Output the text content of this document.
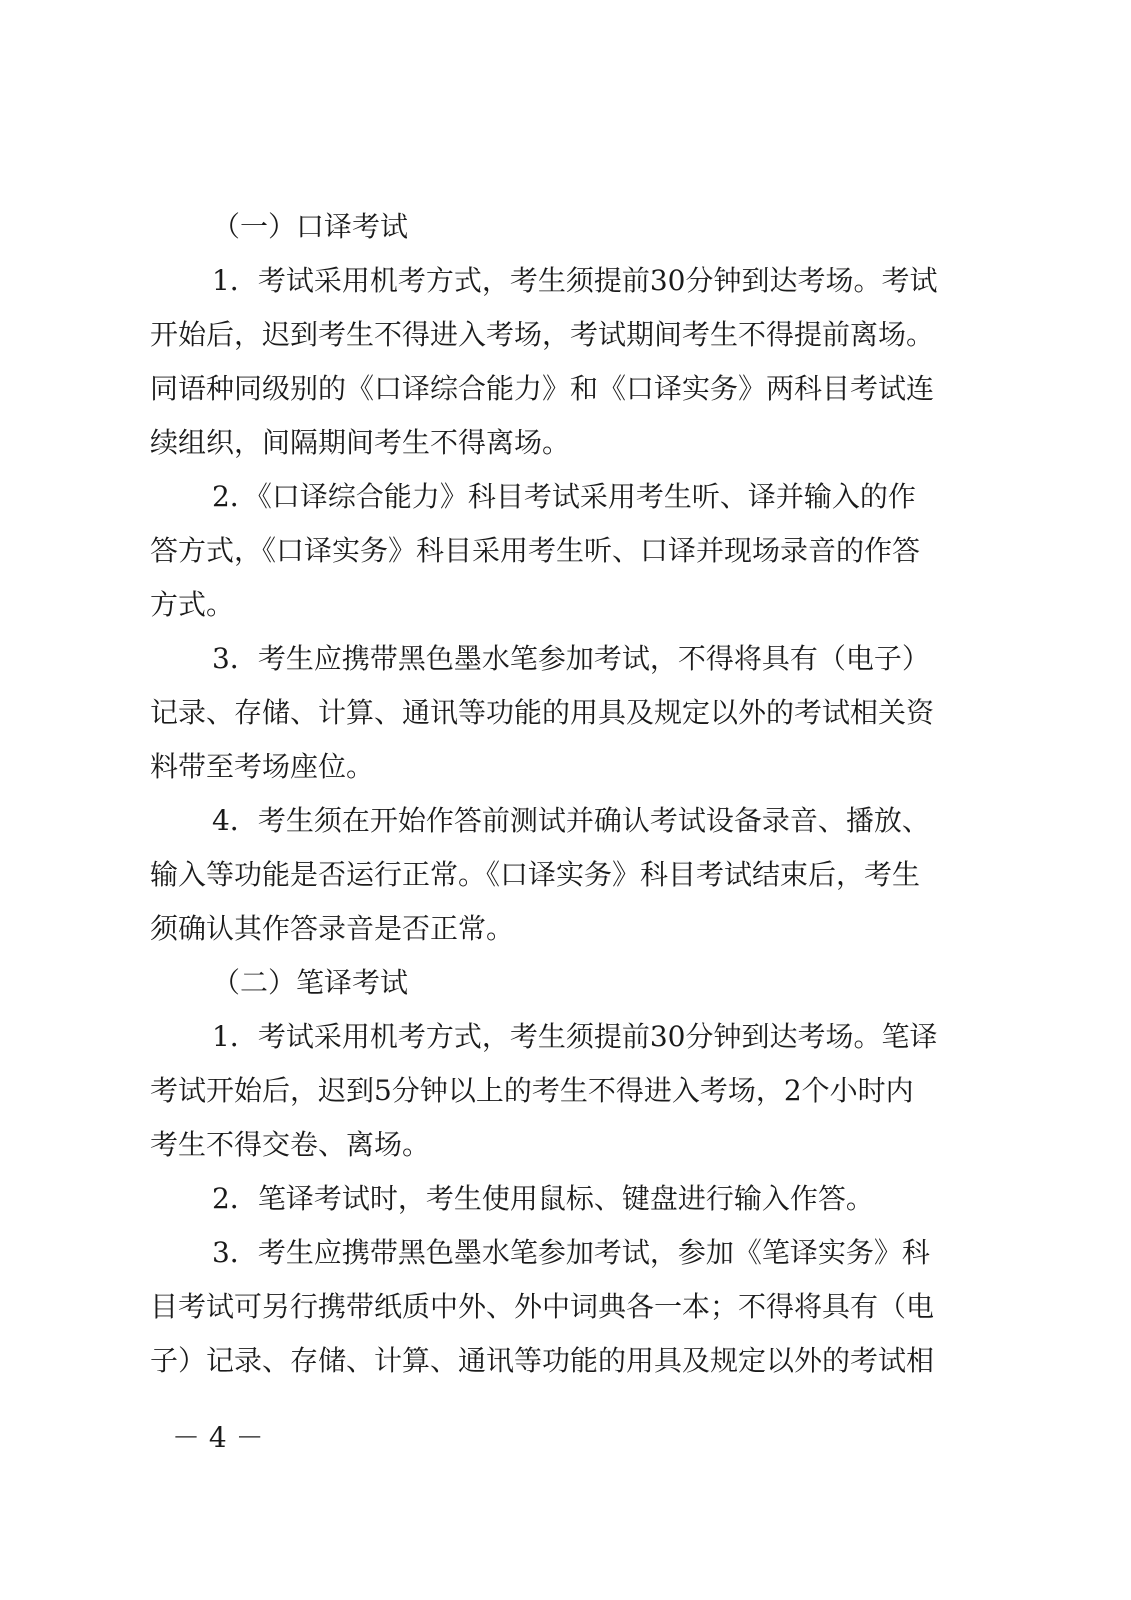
（一）口译考试
1．考试采用机考方式，考生须提前30分钟到达考场。考试
开始后，迟到考生不得进入考场，考试期间考生不得提前离场。
同语种同级别的《口译综合能力》和《口译实务》两科目考试连
续组织，间隔期间考生不得离场。
2．《口译综合能力》科目考试采用考生听、译并输入的作
答方式，《口译实务》科目采用考生听、口译并现场录音的作答
方式。
3．考生应携带黑色墨水笔参加考试，不得将具有（电子）
记录、存储、计算、通讯等功能的用具及规定以外的考试相关资
料带至考场座位。
4．考生须在开始作答前测试并确认考试设备录音、播放、
输入等功能是否运行正常。《口译实务》科目考试结束后，考生
须确认其作答录音是否正常。
（二）笔译考试
1．考试采用机考方式，考生须提前30分钟到达考场。笔译
考试开始后，迟到5分钟以上的考生不得进入考场，2个小时内
考生不得交卷、离场。
2．笔译考试时，考生使用鼠标、键盘进行输入作答。
3．考生应携带黑色墨水笔参加考试，参加《笔译实务》科
目考试可另行携带纸质中外、外中词典各一本；不得将具有（电
子）记录、存储、计算、通讯等功能的用具及规定以外的考试相
－ 4 －
